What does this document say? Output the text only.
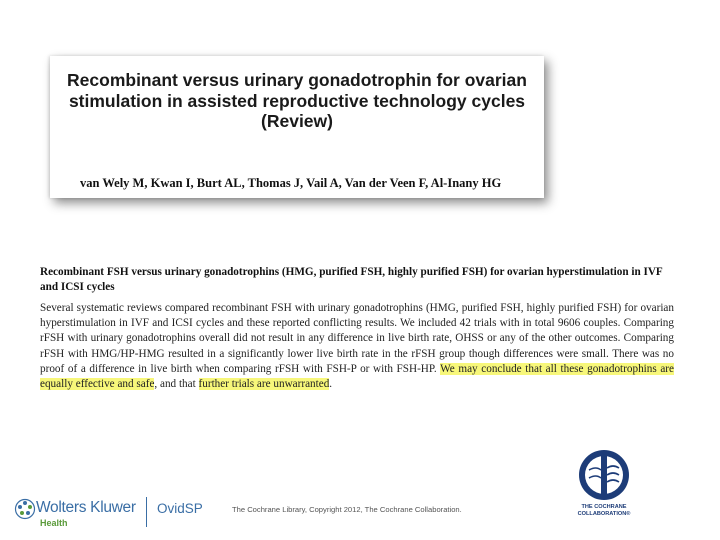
Recombinant versus urinary gonadotrophin for ovarian stimulation in assisted reproductive technology cycles (Review)
van Wely M, Kwan I, Burt AL, Thomas J, Vail A, Van der Veen F, Al-Inany HG

Recombinant FSH versus urinary gonadotrophins (HMG, purified FSH, highly purified FSH) for ovarian hyperstimulation in IVF and ICSI cycles

Several systematic reviews compared recombinant FSH with urinary gonadotrophins (HMG, purified FSH, highly purified FSH) for ovarian hyperstimulation in IVF and ICSI cycles and these reported conflicting results. We included 42 trials with in total 9606 couples. Comparing rFSH with urinary gonadotrophins overall did not result in any difference in live birth rate, OHSS or any of the other outcomes. Comparing rFSH with HMG/HP-HMG resulted in a significantly lower live birth rate in the rFSH group though differences were small. There was no proof of a difference in live birth when comparing rFSH with FSH-P or with FSH-HP. We may conclude that all these gonadotrophins are equally effective and safe, and that further trials are unwarranted.

Wolters Kluwer
Health
OvidSP	The Cochrane Library, Copyright 2012, The Cochrane Collaboration.	THE COCHRANE
COLLABORATION®
